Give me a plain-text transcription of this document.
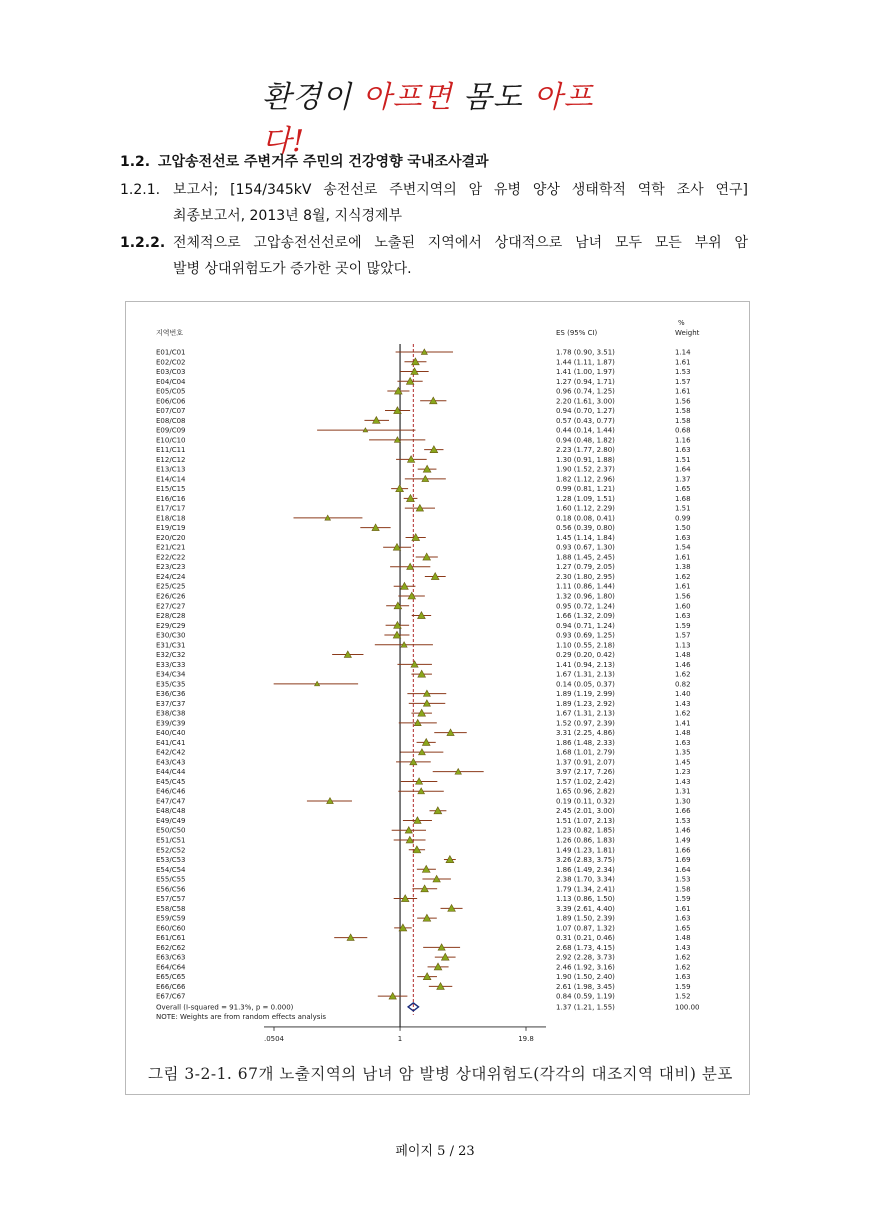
환경이 아프면 몸도 아프다!
1.2. 고압송전선로 주변거주 주민의 건강영향 국내조사결과
1.2.1. 보고서; [154/345kV 송전선로 주변지역의 암 유병 양상 생태학적 역학 조사 연구]
최종보고서, 2013년 8월, 지식경제부
1.2.2. 전체적으로 고압송전선선로에 노출된 지역에서 상대적으로 남녀 모두 모든 부위 암
발병 상대위험도가 증가한 곳이 많았다.
지역번호	ES (95% CI)
%
Weight
E01/C01	1.78 (0.90, 3.51)	1.14
E02/C02	1.44 (1.11, 1.87)	1.61
E03/C03	1.41 (1.00, 1.97)	1.53
E04/C04	1.27 (0.94, 1.71)	1.57
E05/C05	0.96 (0.74, 1.25)	1.61
E06/C06	2.20 (1.61, 3.00)	1.56
E07/C07	0.94 (0.70, 1.27)	1.58
E08/C08	0.57 (0.43, 0.77)	1.58
E09/C09	0.44 (0.14, 1.44)	0.68
E10/C10	0.94 (0.48, 1.82)	1.16
E11/C11	2.23 (1.77, 2.80)	1.63
E12/C12	1.30 (0.91, 1.88)	1.51
E13/C13	1.90 (1.52, 2.37)	1.64
E14/C14	1.82 (1.12, 2.96)	1.37
E15/C15	0.99 (0.81, 1.21)	1.65
E16/C16	1.28 (1.09, 1.51)	1.68
E17/C17	1.60 (1.12, 2.29)	1.51
E18/C18	0.18 (0.08, 0.41)	0.99
E19/C19	0.56 (0.39, 0.80)	1.50
E20/C20	1.45 (1.14, 1.84)	1.63
E21/C21	0.93 (0.67, 1.30)	1.54
E22/C22	1.88 (1.45, 2.45)	1.61
E23/C23	1.27 (0.79, 2.05)	1.38
E24/C24	2.30 (1.80, 2.95)	1.62
E25/C25	1.11 (0.86, 1.44)	1.61
E26/C26	1.32 (0.96, 1.80)	1.56
E27/C27	0.95 (0.72, 1.24)	1.60
E28/C28	1.66 (1.32, 2.09)	1.63
E29/C29	0.94 (0.71, 1.24)	1.59
E30/C30	0.93 (0.69, 1.25)	1.57
E31/C31	1.10 (0.55, 2.18)	1.13
E32/C32	0.29 (0.20, 0.42)	1.48
E33/C33	1.41 (0.94, 2.13)	1.46
E34/C34	1.67 (1.31, 2.13)	1.62
E35/C35	0.14 (0.05, 0.37)	0.82
E36/C36	1.89 (1.19, 2.99)	1.40
E37/C37	1.89 (1.23, 2.92)	1.43
E38/C38	1.67 (1.31, 2.13)	1.62
E39/C39	1.52 (0.97, 2.39)	1.41
E40/C40	3.31 (2.25, 4.86)	1.48
E41/C41	1.86 (1.48, 2.33)	1.63
E42/C42	1.68 (1.01, 2.79)	1.35
E43/C43	1.37 (0.91, 2.07)	1.45
E44/C44	3.97 (2.17, 7.26)	1.23
E45/C45	1.57 (1.02, 2.42)	1.43
E46/C46	1.65 (0.96, 2.82)	1.31
E47/C47	0.19 (0.11, 0.32)	1.30
E48/C48	2.45 (2.01, 3.00)	1.66
E49/C49	1.51 (1.07, 2.13)	1.53
E50/C50	1.23 (0.82, 1.85)	1.46
E51/C51	1.26 (0.86, 1.83)	1.49
E52/C52	1.49 (1.23, 1.81)	1.66
E53/C53	3.26 (2.83, 3.75)	1.69
E54/C54	1.86 (1.49, 2.34)	1.64
E55/C55	2.38 (1.70, 3.34)	1.53
E56/C56	1.79 (1.34, 2.41)	1.58
E57/C57	1.13 (0.86, 1.50)	1.59
E58/C58	3.39 (2.61, 4.40)	1.61
E59/C59	1.89 (1.50, 2.39)	1.63
E60/C60	1.07 (0.87, 1.32)	1.65
E61/C61	0.31 (0.21, 0.46)	1.48
E62/C62	2.68 (1.73, 4.15)	1.43
E63/C63	2.92 (2.28, 3.73)	1.62
E64/C64	2.46 (1.92, 3.16)	1.62
E65/C65	1.90 (1.50, 2.40)	1.63
E66/C66	2.61 (1.98, 3.45)	1.59
E67/C67	0.84 (0.59, 1.19)	1.52
Overall (I-squared = 91.3%, p = 0.000)	1.37 (1.21, 1.55)	100.00
NOTE: Weights are from random effects analysis
.0504	1	19.8
그림 3-2-1. 67개 노출지역의 남녀 암 발병 상대위험도(각각의 대조지역 대비) 분포
페이지 5 / 23
